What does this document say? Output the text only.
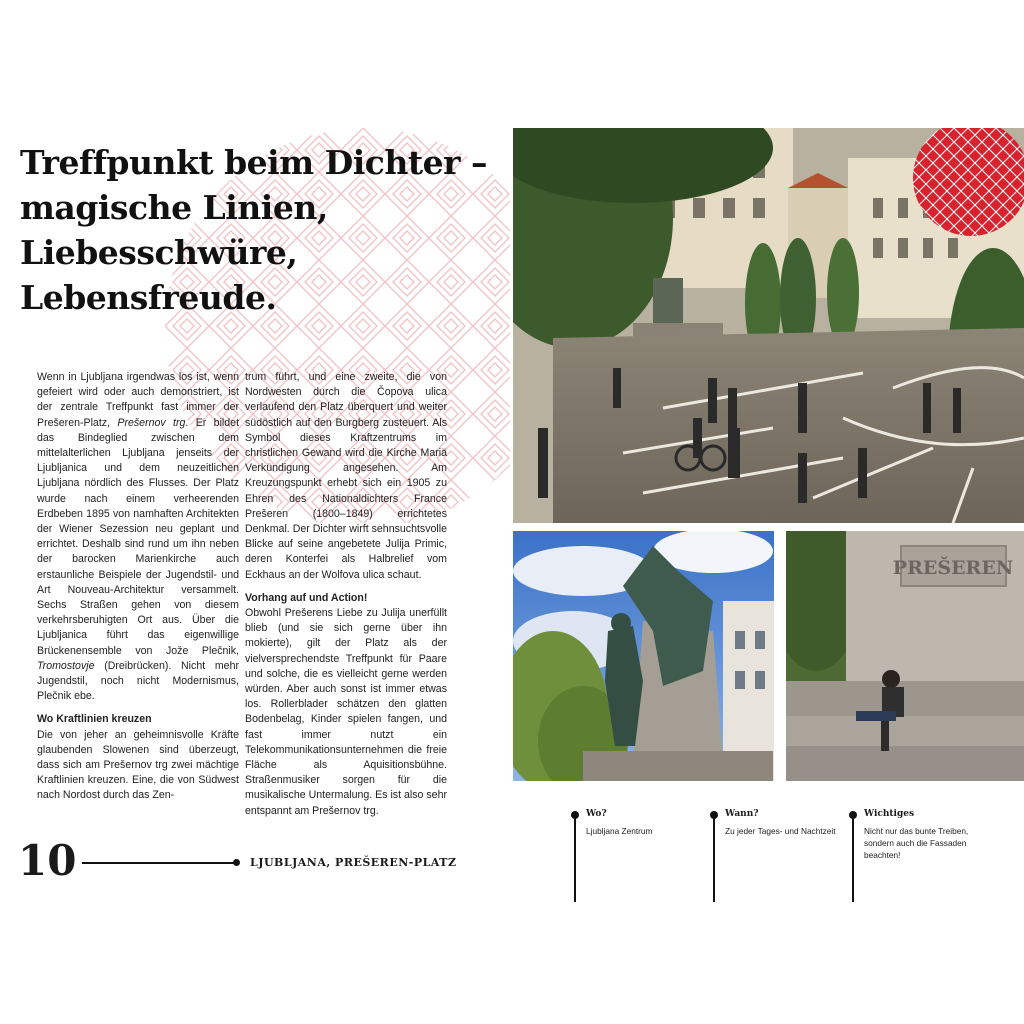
Treffpunkt beim Dichter – magische Linien, Liebesschwüre, Lebensfreude.

Wenn in Ljubljana irgendwas los ist, wenn gefeiert wird oder auch demonstriert, ist der zentrale Treffpunkt fast immer der Prešeren-Platz, Prešernov trg. Er bildet das Bindeglied zwischen dem mittelalterlichen Ljubljana jenseits der Ljubljanica und dem neuzeitlichen Ljubljana nördlich des Flusses. Der Platz wurde nach einem verheerenden Erdbeben 1895 von namhaften Architekten der Wiener Sezession neu geplant und errichtet. Deshalb sind rund um ihn neben der barocken Marienkirche auch erstaunliche Beispiele der Jugendstil- und Art Nouveau-Architektur versammelt. Sechs Straßen gehen von diesem verkehrsberuhigten Ort aus. Über die Ljubljanica führt das eigenwillige Brückenensemble von Jože Plečnik, Tromostovje (Dreibrücken). Nicht mehr Jugendstil, noch nicht Modernismus, Plečnik ebe.

Wo Kraftlinien kreuzen

Die von jeher an geheimnisvolle Kräfte glaubenden Slowenen sind überzeugt, dass sich am Prešernov trg zwei mächtige Kraftlinien kreuzen. Eine, die von Südwest nach Nordost durch das Zen-

trum führt, und eine zweite, die von Nordwesten durch die Čopova ulica verlaufend den Platz überquert und weiter südöstlich auf den Burgberg zusteuert. Als Symbol dieses Kraftzentrums im christlichen Gewand wird die Kirche Mariä Verkündigung angesehen. Am Kreuzungspunkt erhebt sich ein 1905 zu Ehren des Nationaldichters France Prešeren (1800–1849) errichtetes Denkmal. Der Dichter wirft sehnsuchtsvolle Blicke auf seine angebetete Julija Primic, deren Konterfei als Halbrelief vom Eckhaus an der Wolfova ulica schaut.

Vorhang auf und Action!

Obwohl Prešerens Liebe zu Julija unerfüllt blieb (und sie sich gerne über ihn mokierte), gilt der Platz als der vielversprechendste Treffpunkt für Paare und solche, die es vielleicht gerne werden würden. Aber auch sonst ist immer etwas los. Rollerblader schätzen den glatten Bodenbelag, Kinder spielen fangen, und fast immer nutzt ein Telekommunikationsunternehmen die freie Fläche als Aquisitionsbühne. Straßenmusiker sorgen für die musikalische Untermalung. Es ist also sehr entspannt am Prešernov trg.

10	LJUBLJANA, PREŠEREN-PLATZ

PREŠEREN

Wo?

Ljubljana Zentrum

Wann?

Zu jeder Tages- und Nachtzeit

Wichtiges

Nicht nur das bunte Treiben, sondern auch die Fassaden beachten!
